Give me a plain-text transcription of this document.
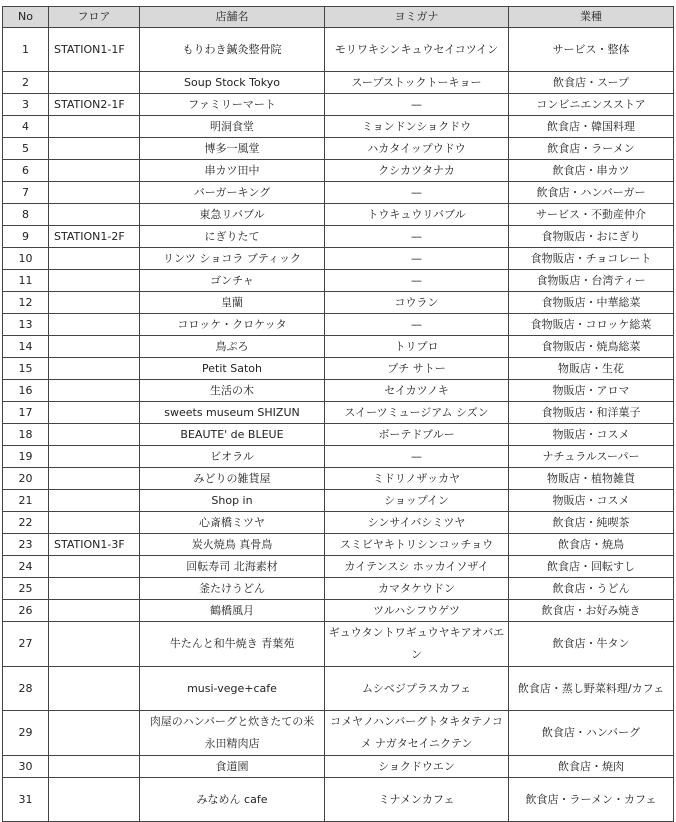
No	フロア	店舗名	ヨミガナ	業種
1	STATION1-1F	もりわき鍼灸整骨院	モリワキシンキュウセイコツイン	サービス・整体
2		Soup Stock Tokyo	スープストックトーキョー	飲食店・スープ
3	STATION2-1F	ファミリーマート	—	コンビニエンスストア
4		明洞食堂	ミョンドンショクドウ	飲食店・韓国料理
5		博多一風堂	ハカタイップウドウ	飲食店・ラーメン
6		串カツ田中	クシカツタナカ	飲食店・串カツ
7		バーガーキング	—	飲食店・ハンバーガー
8		東急リバブル	トウキュウリバブル	サービス・不動産仲介
9	STATION1-2F	にぎりたて	—	食物販店・おにぎり
10		リンツ ショコラ ブティック	—	食物販店・チョコレート
11		ゴンチャ	—	食物販店・台湾ティー
12		皇蘭	コウラン	食物販店・中華総菜
13		コロッケ・クロケッタ	—	食物販店・コロッケ総菜
14		鳥ぷろ	トリプロ	食物販店・焼鳥総菜
15		Petit Satoh	プチ サトー	物販店・生花
16		生活の木	セイカツノキ	物販店・アロマ
17		sweets museum SHIZUN	スイーツミュージアム シズン	食物販店・和洋菓子
18		BEAUTE' de BLEUE	ボーテドブルー	物販店・コスメ
19		ビオラル	—	ナチュラルスーパー
20		みどりの雑貨屋	ミドリノザッカヤ	物販店・植物雑貨
21		Shop in	ショップイン	物販店・コスメ
22		心斎橋ミツヤ	シンサイバシミツヤ	飲食店・純喫茶
23	STATION1-3F	炭火焼鳥 真骨鳥	スミビヤキトリシンコッチョウ	飲食店・焼鳥
24		回転寿司 北海素材	カイテンスシ ホッカイソザイ	飲食店・回転すし
25		釜たけうどん	カマタケウドン	飲食店・うどん
26		鶴橋風月	ツルハシフウゲツ	飲食店・お好み焼き
27		牛たんと和牛焼き 青葉苑	ギュウタントワギュウヤキアオバエン	飲食店・牛タン
28		musi-vege+cafe	ムシベジプラスカフェ	飲食店・蒸し野菜料理/カフェ
29		肉屋のハンバーグと炊きたての米 永田精肉店	コメヤノハンバーグトタキタテノコメ ナガタセイニクテン	飲食店・ハンバーグ
30		食道園	ショクドウエン	飲食店・焼肉
31		みなめん cafe	ミナメンカフェ	飲食店・ラーメン・カフェ
